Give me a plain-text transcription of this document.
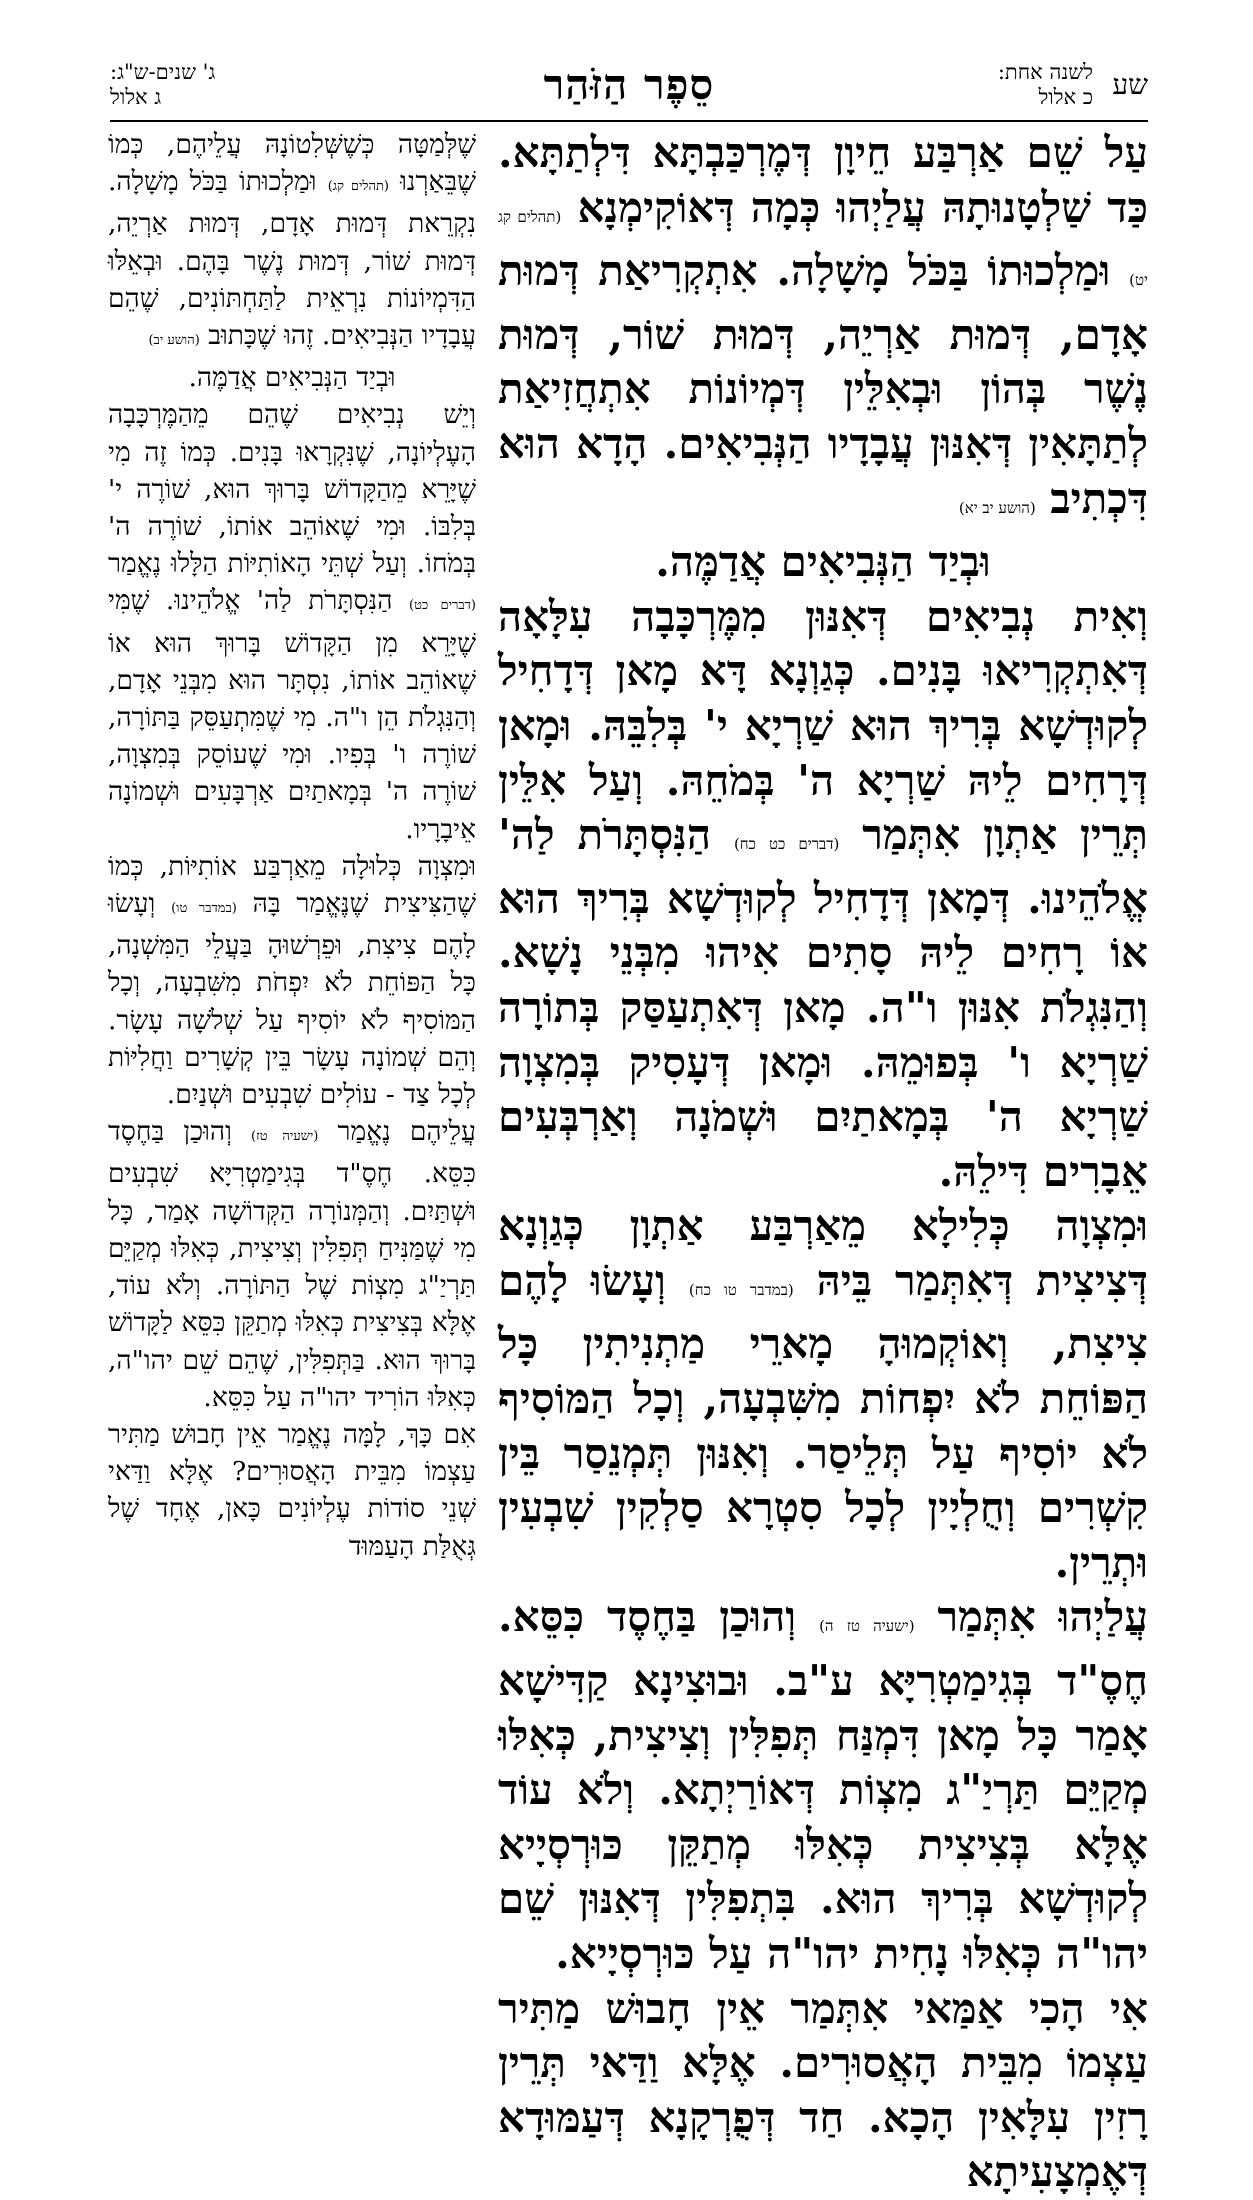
שע
לשנה אחת:
כ אלול
סֵפֶר הַזֹּהַר
ג' שנים-ש"ג:
ג אלול

עַל שֵׁם אַרְבַּע חֵיוָן דְּמֶרְכַּבְתָּא דִּלְתַתָּא. כַּד שַׁלְטָנוּתָהּ עֲלַיְהוּ כְּמָה דְּאוֹקִימְנָא (תהלים קג יט) וּמַלְכוּתוֹ בַּכֹּל מָשָׁלָה. אִתְקְרִיאַת דְּמוּת אָדָם, דְּמוּת אַרְיֵה, דְּמוּת שׁוֹר, דְּמוּת נֶשֶׁר בְּהוֹן וּבְאִלֵּין דְּמְיוֹנוֹת אִתְחֲזִיאַת לְתַתָּאִין דְּאִנּוּן עֲבָדָיו הַנְּבִיאִים. הָדָא הוּא דִּכְתִיב (הושע יב יא)

וּבְיַד הַנְּבִיאִים אֲדַמֶּה.

וְאִית נְבִיאִים דְּאִנּוּן מִמֶּרְכָּבָה עִלָּאָה דְּאִתְקְרִיאוּ בָּנִים. כְּגַוְנָא דָּא מָאן דְּדָחִיל לְקוּדְשָׁא בְּרִיךְ הוּא שַׁרְיָא י' בְּלִבֵּהּ. וּמָאן דְּרָחִים לֵיהּ שַׁרְיָא ה' בְּמֹחֵהּ. וְעַל אִלֵּין תְּרֵין אַתְוָן אִתְּמַר (דברים כט כח) הַנִּסְתָּרֹת לַה' אֱלֹהֵינוּ. דְּמָאן דְּדָחִיל לְקוּדְשָׁא בְּרִיךְ הוּא אוֹ רָחִים לֵיהּ סָתִים אִיהוּ מִבְּנֵי נָשָׁא. וְהַנִּגְלֹת אִנּוּן ו"ה. מָאן דְּאִתְעַסַּק בְּתוֹרָה שַׁרְיָא ו' בְּפוּמֵהּ. וּמָאן דְּעָסִיק בְּמִצְוָה שַׁרְיָא ה' בְּמָאתַיִם וּשְׁמֹנָה וְאַרְבְּעִים אֵבָרִים דִּילֵהּ.

וּמִצְוָה כְּלִילָא מֵאַרְבַּע אַתְוָן כְּגַוְנָא דְּצִיצִית דְּאִתְּמַר בֵּיהּ (במדבר טו כח) וְעָשׂוּ לָהֶם צִיצִת, וְאוֹקְמוּהָ מָארֵי מַתְנִיתִין כָּל הַפּוֹחֵת לֹא יִפְחוֹת מִשִּׁבְעָה, וְכָל הַמּוֹסִיף לֹא יוֹסִיף עַל תְּלֵיסַר. וְאִנּוּן תְּמְנֵסַר בֵּין קִשְׁרִים וְחֻלְיָין לְכָל סִטְרָא סַלְקִין שִׁבְעִין וּתְרֵין.

עֲלַיְהוּ אִתְּמַר (ישעיה טז ה) וְהוּכַן בַּחֶסֶד כִּסֵּא. חֶסֶ"ד בְּגִימַטְרִיָּא ע"ב. וּבוּצִינָא קַדִּישָׁא אָמַר כָּל מָאן דִּמְנַּח תְּפִלִּין וְצִיצִית, כְּאִלּוּ מְקַיֵּם תַּרְיַ"ג מִצְוֹת דְּאוֹרַיְתָא. וְלֹא עוֹד אֶלָּא בְּצִיצִית כְּאִלּוּ מְתַקֵּן כּוּרְסְיָיא לְקוּדְשָׁא בְּרִיךְ הוּא. בִּתְפִלִּין דְּאִנּוּן שֵׁם יהו"ה כְּאִלּוּ נָחִית יהו"ה עַל כּוּרְסְיָיא.

אִי הָכִי אַמַּאי אִתְּמַר אֵין חָבוּשׁ מַתִּיר עַצְמוֹ מִבֵּית הָאֲסוּרִים. אֶלָּא וַדַּאי תְּרֵין רָזִין עִלָּאִין הָכָא. חַד דְּפֻרְקָנָא דְּעַמּוּדָא דְּאֶמְצָעִיתָא

שֶׁלְּמַטָּה כְּשֶׁשְּׁלִטוֹנָהּ עֲלֵיהֶם, כְּמוֹ שֶׁבֵּאַרְנוּ (תהלים קג) וּמַלְכוּתוֹ בַּכֹּל מָשָׁלָה. נִקְרֵאת דְּמוּת אָדָם, דְּמוּת אַרְיֵה, דְּמוּת שׁוֹר, דְּמוּת נֶשֶׁר בָּהֶם. וּבְאֵלּוּ הַדִּמְיוֹנוֹת נִרְאֵית לַתַּחְתּוֹנִים, שֶׁהֵם עֲבָדָיו הַנְּבִיאִים. זֶהוּ שֶׁכָּתוּב (הושע יב)

וּבְיַד הַנְּבִיאִים אֲדַמֶּה.

וְיֵשׁ נְבִיאִים שֶׁהֵם מֵהַמֶּרְכָּבָה הָעֶלְיוֹנָה, שֶׁנִּקְרָאוּ בָּנִים. כְּמוֹ זֶה מִי שֶׁיָּרֵא מֵהַקָּדוֹשׁ בָּרוּךְ הוּא, שׁוֹרֶה י' בְּלִבּוֹ. וּמִי שֶׁאוֹהֵב אוֹתוֹ, שׁוֹרֶה ה' בְּמֹחוֹ. וְעַל שְׁתֵּי הָאוֹתִיּוֹת הַלָּלוּ נֶאֱמַר (דברים כט) הַנִּסְתָּרֹת לַה' אֱלֹהֵינוּ. שֶׁמִּי שֶׁיָּרֵא מִן הַקָּדוֹשׁ בָּרוּךְ הוּא אוֹ שֶׁאוֹהֵב אוֹתוֹ, נִסְתָּר הוּא מִבְּנֵי אָדָם, וְהַנִּגְלֹת הֵן ו"ה. מִי שֶׁמִּתְעַסֵּק בַּתּוֹרָה, שׁוֹרֶה ו' בְּפִיו. וּמִי שֶׁעוֹסֵק בְּמִצְוָה, שׁוֹרֶה ה' בְּמָאתַיִם אַרְבָּעִים וּשְׁמוֹנָה אֵיבָרָיו.

וּמִצְוָה כְּלוּלָה מֵאַרְבַּע אוֹתִיּוֹת, כְּמוֹ שֶׁהַצִּיצִית שֶׁנֶּאֱמַר בָּהּ (במדבר טו) וְעָשׂוּ לָהֶם צִיצִת, וּפֵרְשׁוּהָ בַּעֲלֵי הַמִּשְׁנָה, כָּל הַפּוֹחֵת לֹא יִפְחֹת מִשִּׁבְעָה, וְכָל הַמּוֹסִיף לֹא יוֹסִיף עַל שְׁלֹשָׁה עָשָׂר. וְהֵם שְׁמוֹנָה עָשָׂר בֵּין קְשָׁרִים וַחֲלִיּוֹת לְכָל צַד - עוֹלִים שִׁבְעִים וּשְׁנַיִם.

עֲלֵיהֶם נֶאֱמַר (ישעיה טז) וְהוּכַן בַּחֶסֶד כִּסֵּא. חֶסֶ"ד בְּגִימַטְרִיָּא שִׁבְעִים וּשְׁתַּיִם. וְהַמְּנוֹרָה הַקְּדוֹשָׁה אָמַר, כָּל מִי שֶׁמַּנִּיחַ תְּפִלִּין וְצִיצִית, כְּאִלּוּ מְקַיֵּם תַּרְיַ"ג מִצְוֹת שֶׁל הַתּוֹרָה. וְלֹא עוֹד, אֶלָּא בְּצִיצִית כְּאִלּוּ מְתַקֵּן כִּסֵּא לַקָּדוֹשׁ בָּרוּךְ הוּא. בַּתְּפִלִּין, שֶׁהֵם שֵׁם יהו"ה, כְּאִלּוּ הוֹרִיד יהו"ה עַל כִּסֵּא.

אִם כָּךְ, לָמָּה נֶאֱמַר אֵין חָבוּשׁ מַתִּיר עַצְמוֹ מִבֵּית הָאֲסוּרִים? אֶלָּא וַדַּאי שְׁנֵי סוֹדוֹת עֶלְיוֹנִים כָּאן, אֶחָד שֶׁל גְּאֻלַּת הָעַמּוּד
